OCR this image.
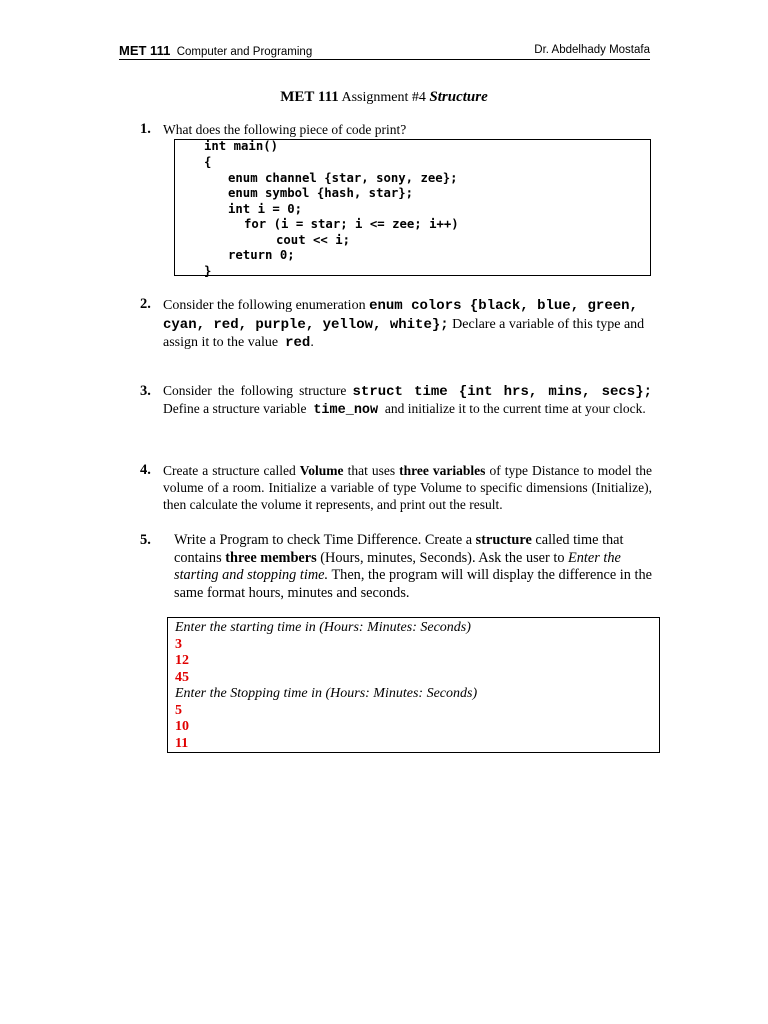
MET 111 Computer and Programing	Dr. Abdelhady Mostafa
MET 111 Assignment #4 Structure
1. What does the following piece of code print?
int main()
{
enum channel {star, sony, zee};
enum symbol {hash, star};
int i = 0;
for (i = star; i <= zee; i++)
cout << i;
return 0;
}
2. Consider the following enumeration enum colors {black, blue, green, cyan, red, purple, yellow, white}; Declare a variable of this type and assign it to the value red.
3. Consider the following structure struct time {int hrs, mins, secs}; Define a structure variable time_now and initialize it to the current time at your clock.
4. Create a structure called Volume that uses three variables of type Distance to model the volume of a room. Initialize a variable of type Volume to specific dimensions (Initialize), then calculate the volume it represents, and print out the result.
5. Write a Program to check Time Difference. Create a structure called time that contains three members (Hours, minutes, Seconds). Ask the user to Enter the starting and stopping time. Then, the program will will display the difference in the same format hours, minutes and seconds.
Enter the starting time in (Hours: Minutes: Seconds)
3
12
45
Enter the Stopping time in (Hours: Minutes: Seconds)
5
10
11
